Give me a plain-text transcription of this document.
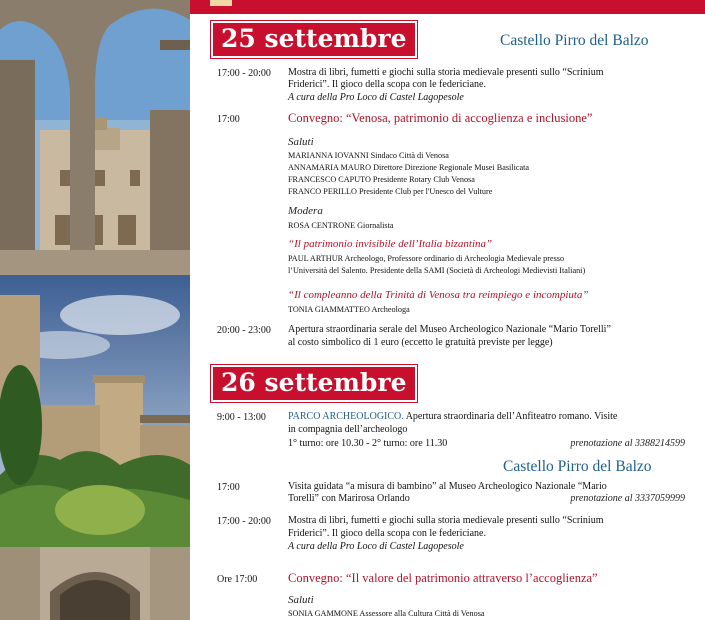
25 settembre	Castello Pirro del Balzo
17:00 - 20:00 Mostra di libri, fumetti e giochi sulla storia medievale presenti sullo “Scrinium
Friderici”. Il gioco della scopa con le federiciane.
A cura della Pro Loco di Castel Lagopesole
17:00	Convegno: “Venosa, patrimonio di accoglienza e inclusione”
Saluti
MARIANNA IOVANNI Sindaco Città di Venosa
ANNAMARIA MAURO Direttore Direzione Regionale Musei Basilicata
FRANCESCO CAPUTO Presidente Rotary Club Venosa
FRANCO PERILLO Presidente Club per l'Unesco del Vulture
Modera
ROSA CENTRONE Giornalista
“Il patrimonio invisibile dell’Italia bizantina”
PAUL ARTHUR Archeologo, Professore ordinario di Archeologia Medievale presso
l’Università del Salento. Presidente della SAMI (Società di Archeologi Medievisti Italiani)
“Il compleanno della Trinità di Venosa tra reimpiego e incompiuta”
TONIA GIAMMATTEO Archeologa
20:00 - 23:00 Apertura straordinaria serale del Museo Archeologico Nazionale “Mario Torelli”
al costo simbolico di 1 euro (eccetto le gratuità previste per legge)
26 settembre
9:00 - 13:00 PARCO ARCHEOLOGICO. Apertura straordinaria dell’Anfiteatro romano. Visite
in compagnia dell’archeologo
1° turno: ore 10.30 - 2° turno: ore 11.30	prenotazione al 3388214599
Castello Pirro del Balzo
17:00	Visita guidata “a misura di bambino” al Museo Archeologico Nazionale “Mario
Torelli” con Marirosa Orlando	prenotazione al 3337059999
17:00 - 20:00 Mostra di libri, fumetti e giochi sulla storia medievale presenti sullo “Scrinium
Friderici”. Il gioco della scopa con le federiciane.
A cura della Pro Loco di Castel Lagopesole
Ore 17:00 Convegno: “Il valore del patrimonio attraverso l’accoglienza”
Saluti
SONIA GAMMONE Assessore alla Cultura Città di Venosa
